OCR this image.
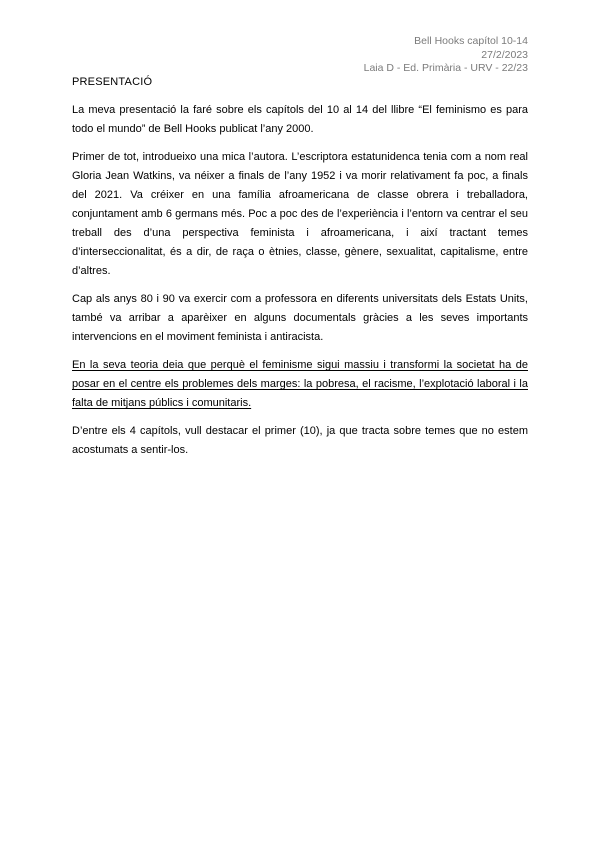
Bell Hooks capítol 10-14
27/2/2023
Laia D - Ed. Primària - URV - 22/23
PRESENTACIÓ

La meva presentació la faré sobre els capítols del 10 al 14 del llibre “El feminismo es para todo el mundo” de Bell Hooks publicat l’any 2000.

Primer de tot, introdueixo una mica l’autora. L’escriptora estatunidenca tenia com a nom real Gloria Jean Watkins, va néixer a finals de l’any 1952 i va morir relativament fa poc, a finals del 2021. Va créixer en una família afroamericana de classe obrera i treballadora, conjuntament amb 6 germans més. Poc a poc des de l’experiència i l’entorn va centrar el seu treball des d’una perspectiva feminista i afroamericana, i així tractant temes d’interseccionalitat, és a dir, de raça o ètnies, classe, gènere, sexualitat, capitalisme, entre d’altres.

Cap als anys 80 i 90 va exercir com a professora en diferents universitats dels Estats Units, també va arribar a aparèixer en alguns documentals gràcies a les seves importants intervencions en el moviment feminista i antiracista.

En la seva teoria deia que perquè el feminisme sigui massiu i transformi la societat ha de posar en el centre els problemes dels marges: la pobresa, el racisme, l’explotació laboral i la falta de mitjans públics i comunitaris.

D’entre els 4 capítols, vull destacar el primer (10), ja que tracta sobre temes que no estem acostumats a sentir-los.
